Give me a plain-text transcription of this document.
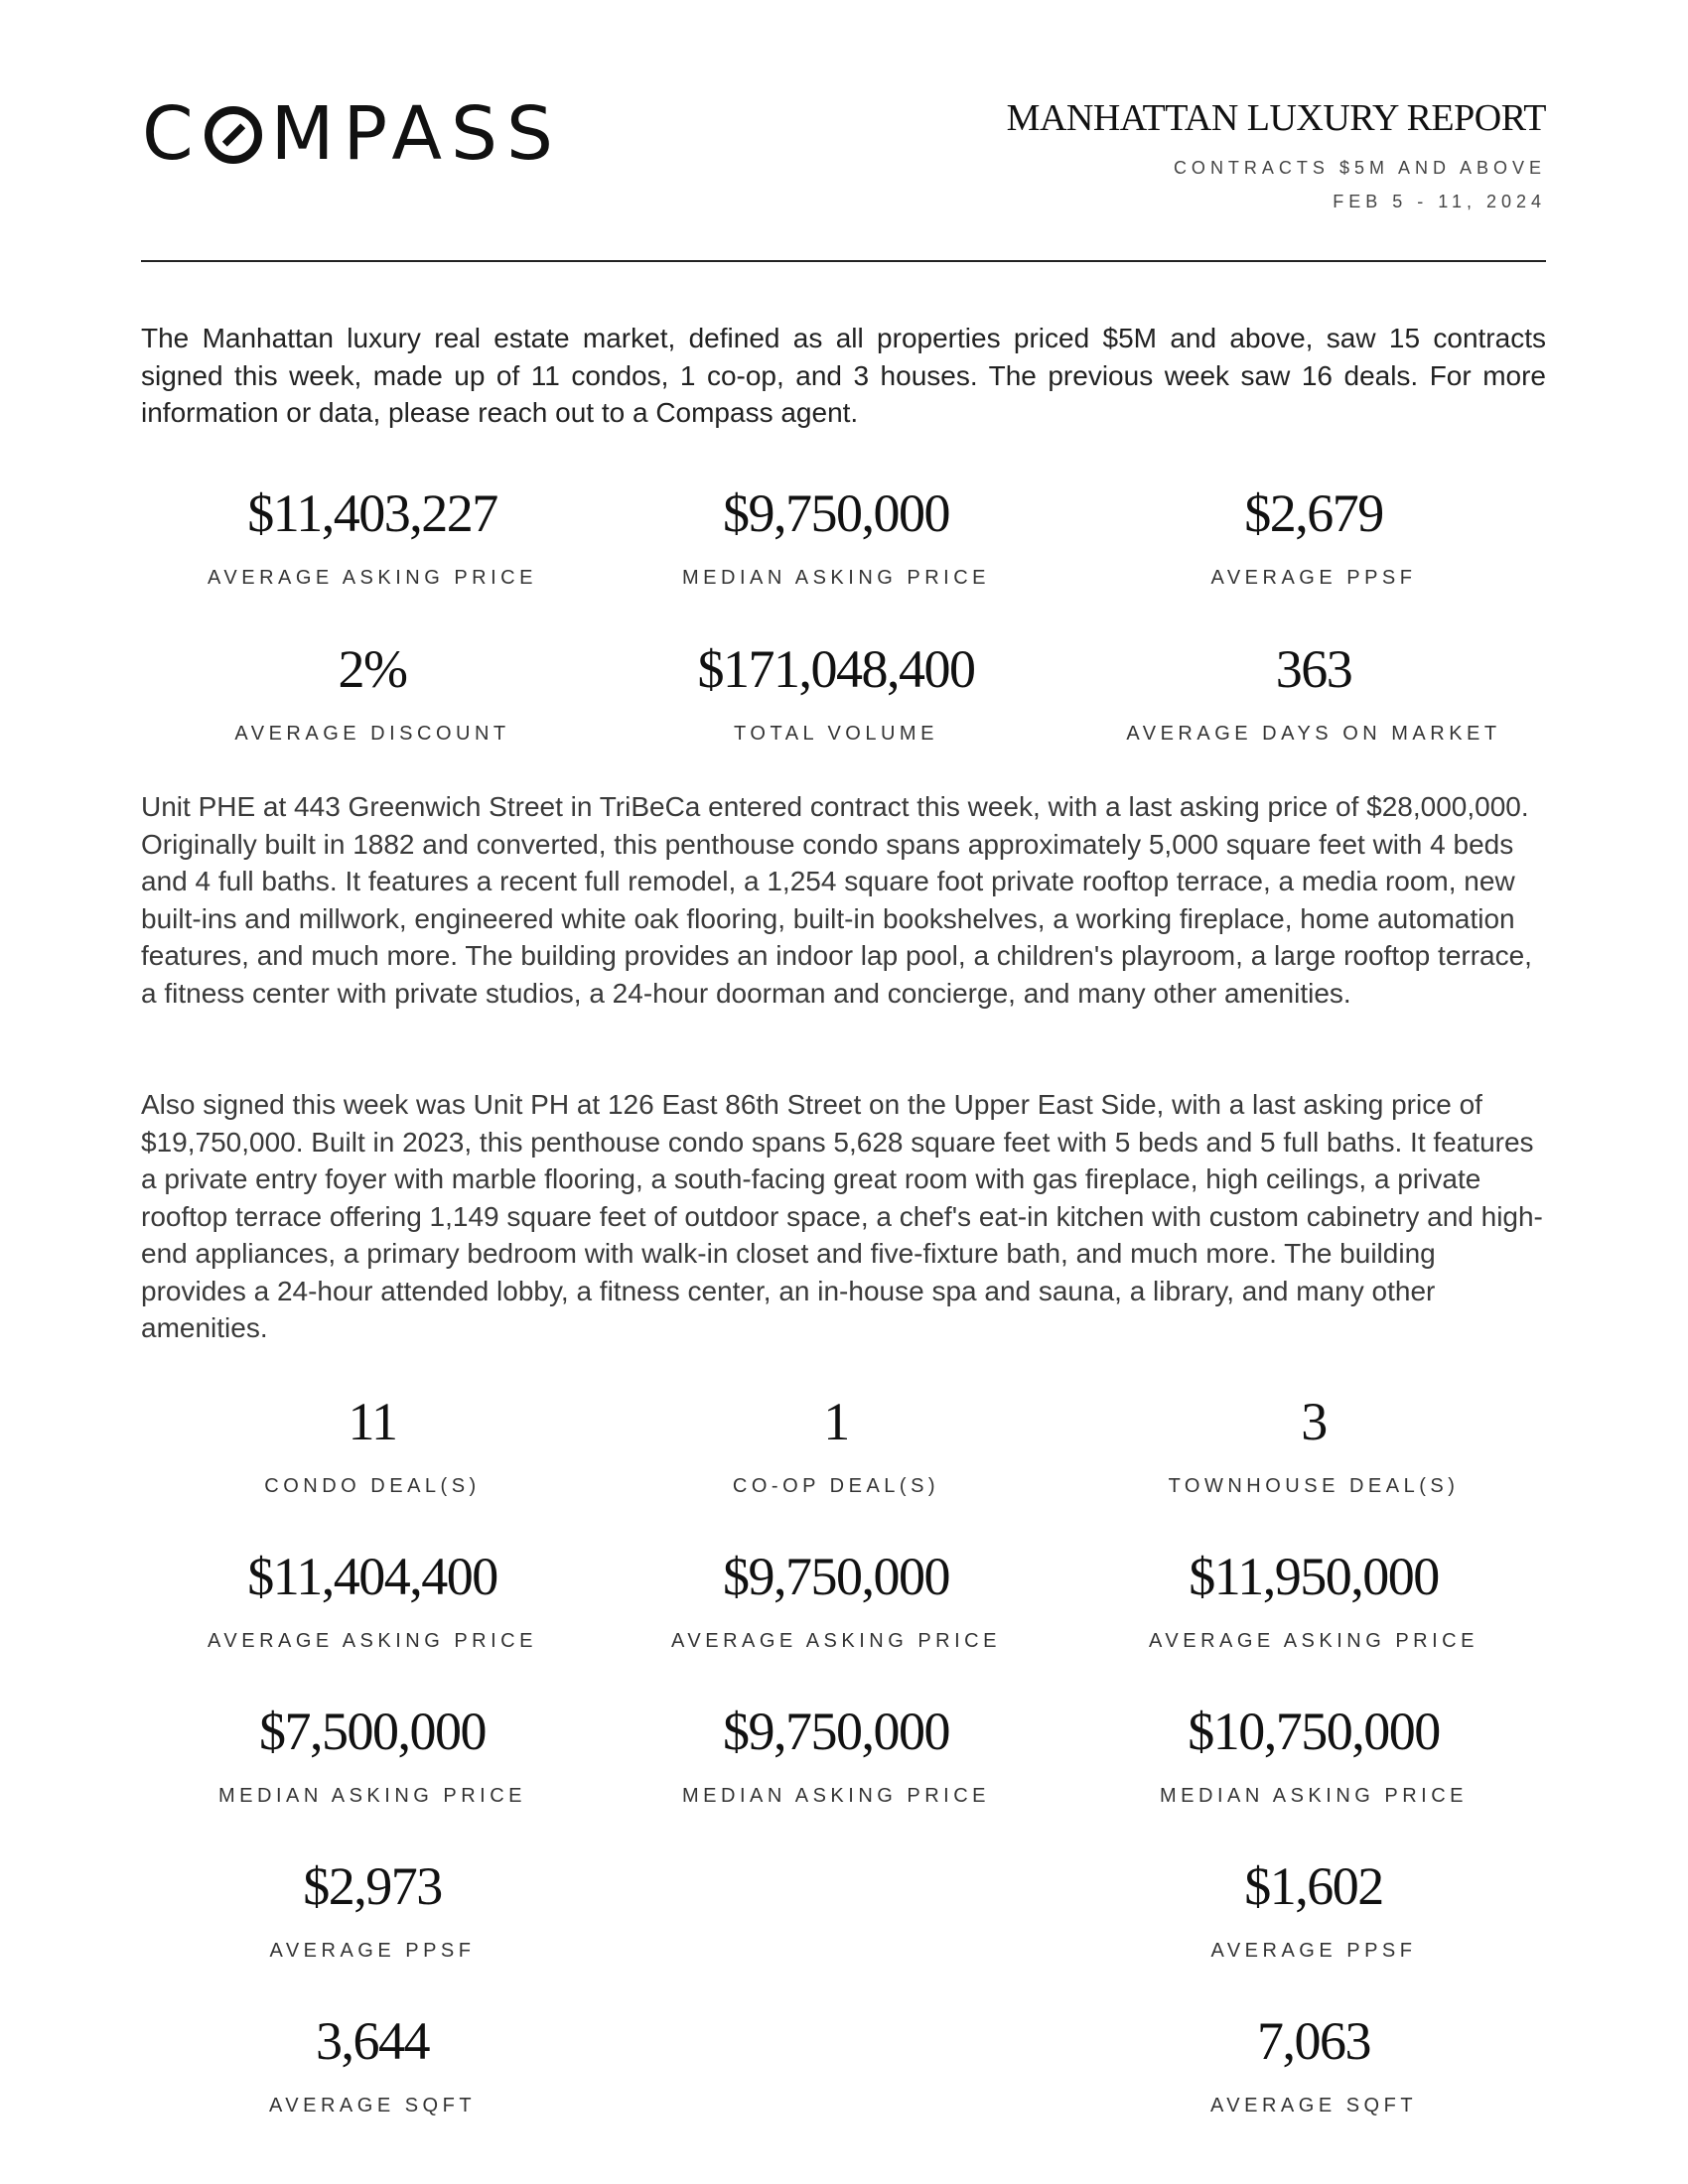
C MPASS	MANHATTAN LUXURY REPORT
CONTRACTS $5M AND ABOVE
FEB 5 - 11, 2024

The Manhattan luxury real estate market, defined as all properties priced $5M and above, saw 15 contracts signed this week, made up of 11 condos, 1 co-op, and 3 houses. The previous week saw 16 deals. For more information or data, please reach out to a Compass agent.

$11,403,227
AVERAGE ASKING PRICE
$9,750,000
MEDIAN ASKING PRICE
$2,679
AVERAGE PPSF
2%
AVERAGE DISCOUNT
$171,048,400
TOTAL VOLUME
363
AVERAGE DAYS ON MARKET

Unit PHE at 443 Greenwich Street in TriBeCa entered contract this week, with a last asking price of $28,000,000. Originally built in 1882 and converted, this penthouse condo spans approximately 5,000 square feet with 4 beds and 4 full baths. It features a recent full remodel, a 1,254 square foot private rooftop terrace, a media room, new built-ins and millwork, engineered white oak flooring, built-in bookshelves, a working fireplace, home automation features, and much more. The building provides an indoor lap pool, a children's playroom, a large rooftop terrace, a fitness center with private studios, a 24-hour doorman and concierge, and many other amenities.

Also signed this week was Unit PH at 126 East 86th Street on the Upper East Side, with a last asking price of $19,750,000. Built in 2023, this penthouse condo spans 5,628 square feet with 5 beds and 5 full baths. It features a private entry foyer with marble flooring, a south-facing great room with gas fireplace, high ceilings, a private rooftop terrace offering 1,149 square feet of outdoor space, a chef's eat-in kitchen with custom cabinetry and high-end appliances, a primary bedroom with walk-in closet and five-fixture bath, and much more. The building provides a 24-hour attended lobby, a fitness center, an in-house spa and sauna, a library, and many other amenities.

11
CONDO DEAL(S)
1
CO-OP DEAL(S)
3
TOWNHOUSE DEAL(S)
$11,404,400
AVERAGE ASKING PRICE
$9,750,000
AVERAGE ASKING PRICE
$11,950,000
AVERAGE ASKING PRICE
$7,500,000
MEDIAN ASKING PRICE
$9,750,000
MEDIAN ASKING PRICE
$10,750,000
MEDIAN ASKING PRICE
$2,973
AVERAGE PPSF
$1,602
AVERAGE PPSF
3,644
AVERAGE SQFT
7,063
AVERAGE SQFT
